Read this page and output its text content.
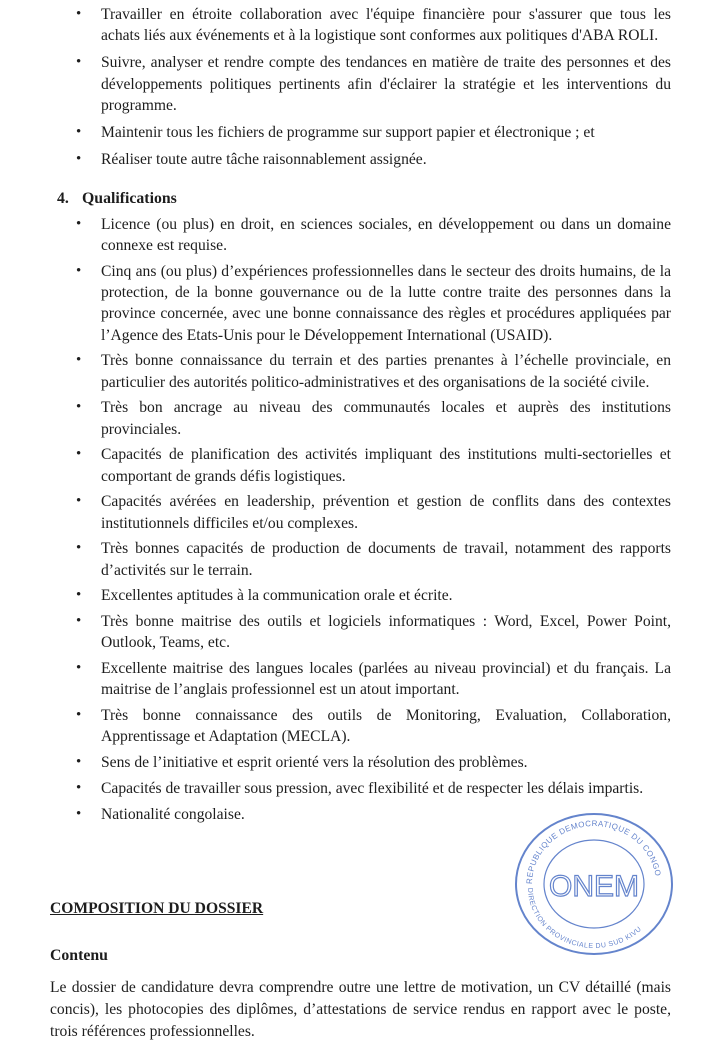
• Travailler en étroite collaboration avec l'équipe financière pour s'assurer que tous les achats liés aux événements et à la logistique sont conformes aux politiques d'ABA ROLI.
• Suivre, analyser et rendre compte des tendances en matière de traite des personnes et des développements politiques pertinents afin d'éclairer la stratégie et les interventions du programme.
• Maintenir tous les fichiers de programme sur support papier et électronique ; et
• Réaliser toute autre tâche raisonnablement assignée.
4. Qualifications
• Licence (ou plus) en droit, en sciences sociales, en développement ou dans un domaine connexe est requise.
• Cinq ans (ou plus) d’expériences professionnelles dans le secteur des droits humains, de la protection, de la bonne gouvernance ou de la lutte contre traite des personnes dans la province concernée, avec une bonne connaissance des règles et procédures appliquées par l’Agence des Etats-Unis pour le Développement International (USAID).
• Très bonne connaissance du terrain et des parties prenantes à l’échelle provinciale, en particulier des autorités politico-administratives et des organisations de la société civile.
• Très bon ancrage au niveau des communautés locales et auprès des institutions provinciales.
• Capacités de planification des activités impliquant des institutions multi-sectorielles et comportant de grands défis logistiques.
• Capacités avérées en leadership, prévention et gestion de conflits dans des contextes institutionnels difficiles et/ou complexes.
• Très bonnes capacités de production de documents de travail, notamment des rapports d’activités sur le terrain.
• Excellentes aptitudes à la communication orale et écrite.
• Très bonne maitrise des outils et logiciels informatiques : Word, Excel, Power Point, Outlook, Teams, etc.
• Excellente maitrise des langues locales (parlées au niveau provincial) et du français. La maitrise de l’anglais professionnel est un atout important.
• Très bonne connaissance des outils de Monitoring, Evaluation, Collaboration, Apprentissage et Adaptation (MECLA).
• Sens de l’initiative et esprit orienté vers la résolution des problèmes.
• Capacités de travailler sous pression, avec flexibilité et de respecter les délais impartis.
• Nationalité congolaise.
REPUBLIQUE DEMOCRATIQUE DU CONGO
DIRECTION PROVINCIALE DU SUD KIVU
ONEM
COMPOSITION DU DOSSIER
Contenu
Le dossier de candidature devra comprendre outre une lettre de motivation, un CV détaillé (mais concis), les photocopies des diplômes, d’attestations de service rendus en rapport avec le poste, trois références professionnelles.
